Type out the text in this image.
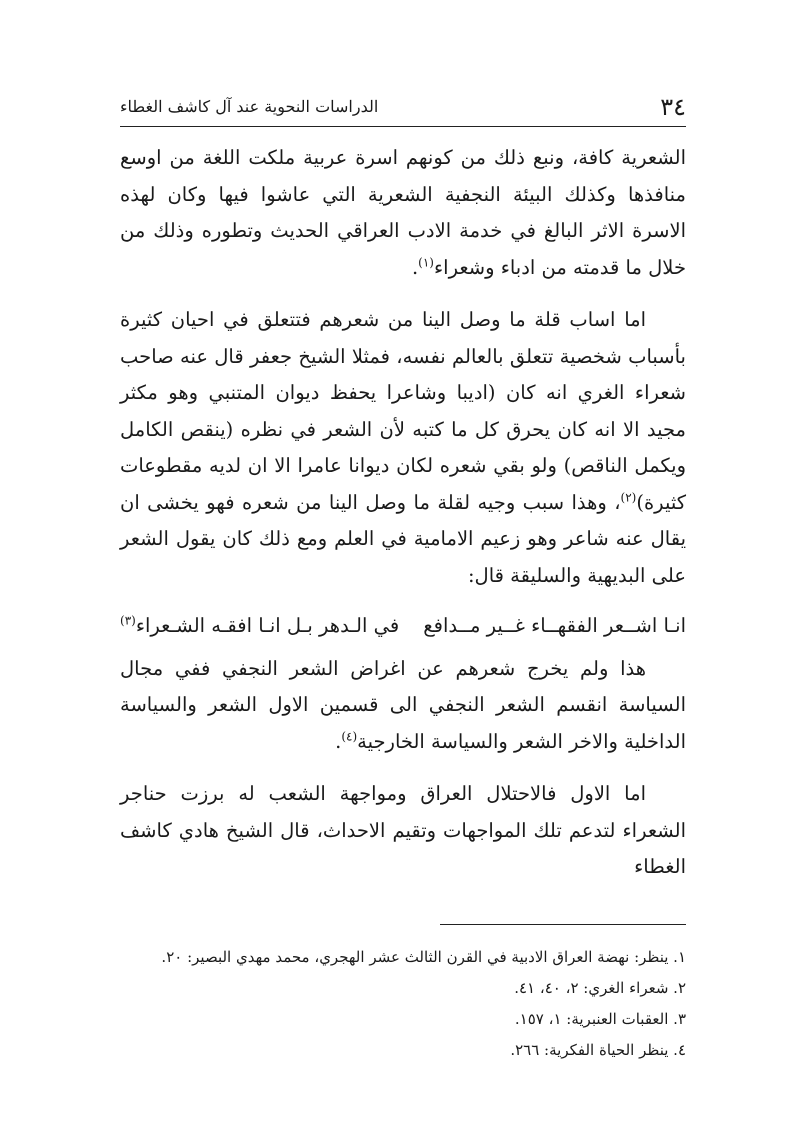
٣٤
الدراسات النحوية عند آل كاشف الغطاء

الشعرية كافة، ونبع ذلك من كونهم اسرة عربية ملكت اللغة من اوسع منافذها وكذلك البيئة النجفية الشعرية التي عاشوا فيها وكان لهذه الاسرة الاثر البالغ في خدمة الادب العراقي الحديث وتطوره وذلك من خلال ما قدمته من ادباء وشعراء$^{(١)}$.

اما اساب قلة ما وصل الينا من شعرهم فتتعلق في احيان كثيرة بأسباب شخصية تتعلق بالعالم نفسه، فمثلا الشيخ جعفر قال عنه صاحب شعراء الغري انه كان (اديبا وشاعرا يحفظ ديوان المتنبي وهو مكثر مجيد الا انه كان يحرق كل ما كتبه لأن الشعر في نظره (ينقص الكامل ويكمل الناقص) ولو بقي شعره لكان ديوانا عامرا الا ان لديه مقطوعات كثيرة)$^{(٢)}$، وهذا سبب وجيه لقلة ما وصل الينا من شعره فهو يخشى ان يقال عنه شاعر وهو زعيم الامامية في العلم ومع ذلك كان يقول الشعر على البديهية والسليقة قال:

انـا اشــعر الفقهــاء غــير مــدافع
في الـدهر بـل انـا افقـه الشـعراء$^{(٣)}$

هذا ولم يخرج شعرهم عن اغراض الشعر النجفي ففي مجال السياسة انقسم الشعر النجفي الى قسمين الاول الشعر والسياسة الداخلية والاخر الشعر والسياسة الخارجية$^{(٤)}$.

اما الاول فالاحتلال العراق ومواجهة الشعب له برزت حناجر الشعراء لتدعم تلك المواجهات وتقيم الاحداث، قال الشيخ هادي كاشف الغطاء

١. ينظر: نهضة العراق الادبية في القرن الثالث عشر الهجري، محمد مهدي البصير: ٢٠.

٢. شعراء الغري: ٢، ٤٠، ٤١.

٣. العقبات العنبرية: ١، ١٥٧.

٤. ينظر الحياة الفكرية: ٢٦٦.
